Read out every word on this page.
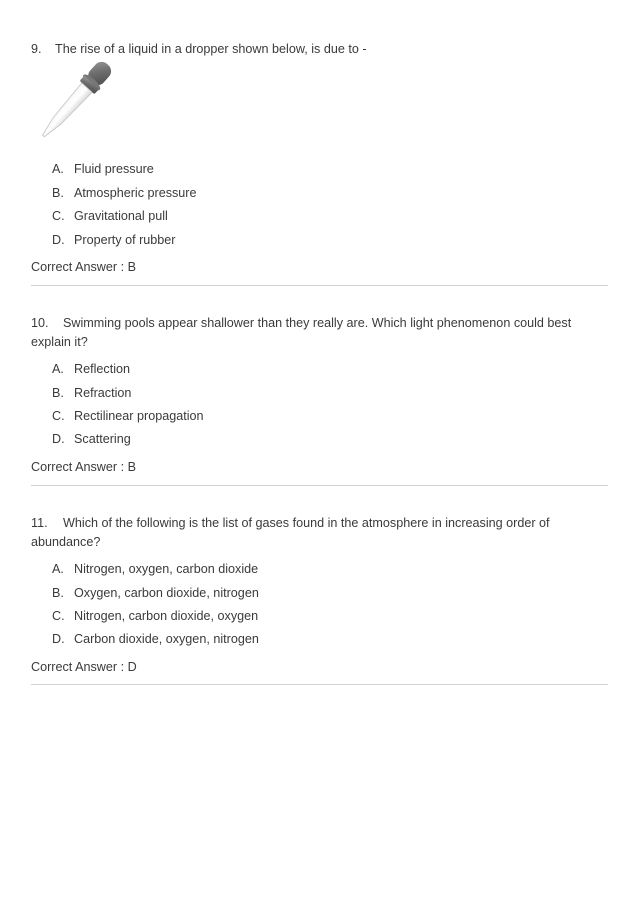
9. The rise of a liquid in a dropper shown below, is due to -

A. Fluid pressure
B. Atmospheric pressure
C. Gravitational pull
D. Property of rubber
Correct Answer : B

10. Swimming pools appear shallower than they really are. Which light phenomenon could best
explain it?

A. Reflection
B. Refraction
C. Rectilinear propagation
D. Scattering
Correct Answer : B

11. Which of the following is the list of gases found in the atmosphere in increasing order of
abundance?

A. Nitrogen, oxygen, carbon dioxide
B. Oxygen, carbon dioxide, nitrogen
C. Nitrogen, carbon dioxide, oxygen
D. Carbon dioxide, oxygen, nitrogen
Correct Answer : D
